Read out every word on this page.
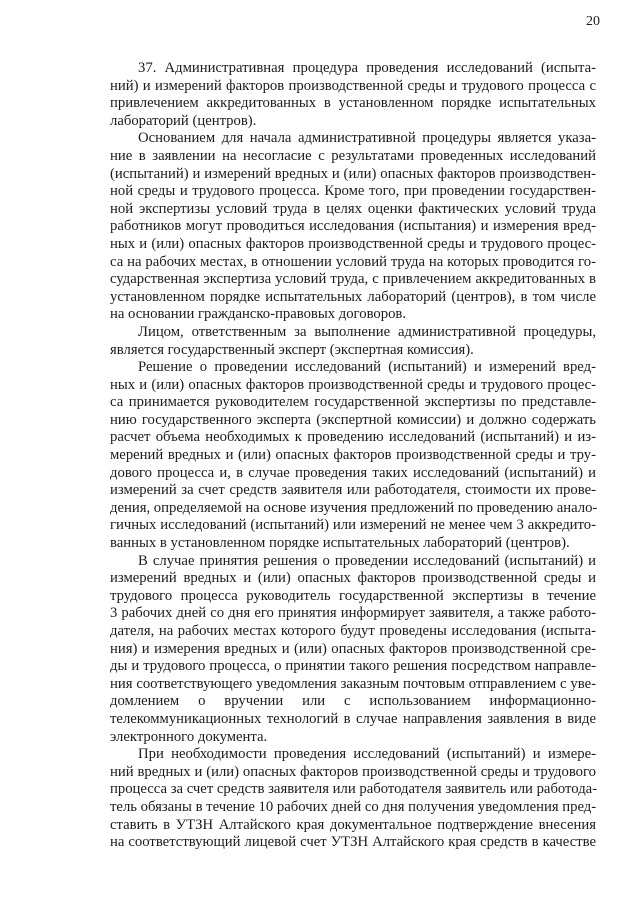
20

37. Административная процедура проведения исследований (испыта-
ний) и измерений факторов производственной среды и трудового процесса с
привлечением аккредитованных в установленном порядке испытательных
лабораторий (центров).

Основанием для начала административной процедуры является указа-
ние в заявлении на несогласие с результатами проведенных исследований
(испытаний) и измерений вредных и (или) опасных факторов производствен-
ной среды и трудового процесса. Кроме того, при проведении государствен-
ной экспертизы условий труда в целях оценки фактических условий труда
работников могут проводиться исследования (испытания) и измерения вред-
ных и (или) опасных факторов производственной среды и трудового процес-
са на рабочих местах, в отношении условий труда на которых проводится го-
сударственная экспертиза условий труда, с привлечением аккредитованных в
установленном порядке испытательных лабораторий (центров), в том числе
на основании гражданско-правовых договоров.

Лицом, ответственным за выполнение административной процедуры,
является государственный эксперт (экспертная комиссия).

Решение о проведении исследований (испытаний) и измерений вред-
ных и (или) опасных факторов производственной среды и трудового процес-
са принимается руководителем государственной экспертизы по представле-
нию государственного эксперта (экспертной комиссии) и должно содержать
расчет объема необходимых к проведению исследований (испытаний) и из-
мерений вредных и (или) опасных факторов производственной среды и тру-
дового процесса и, в случае проведения таких исследований (испытаний) и
измерений за счет средств заявителя или работодателя, стоимости их прове-
дения, определяемой на основе изучения предложений по проведению анало-
гичных исследований (испытаний) или измерений не менее чем 3 аккредито-
ванных в установленном порядке испытательных лабораторий (центров).

В случае принятия решения о проведении исследований (испытаний) и
измерений вредных и (или) опасных факторов производственной среды и
трудового процесса руководитель государственной экспертизы в течение
3 рабочих дней со дня его принятия информирует заявителя, а также работо-
дателя, на рабочих местах которого будут проведены исследования (испыта-
ния) и измерения вредных и (или) опасных факторов производственной сре-
ды и трудового процесса, о принятии такого решения посредством направле-
ния соответствующего уведомления заказным почтовым отправлением с уве-
домлением о вручении или с использованием информационно-
телекоммуникационных технологий в случае направления заявления в виде
электронного документа.

При необходимости проведения исследований (испытаний) и измере-
ний вредных и (или) опасных факторов производственной среды и трудового
процесса за счет средств заявителя или работодателя заявитель или работода-
тель обязаны в течение 10 рабочих дней со дня получения уведомления пред-
ставить в УТЗН Алтайского края документальное подтверждение внесения
на соответствующий лицевой счет УТЗН Алтайского края средств в качестве
